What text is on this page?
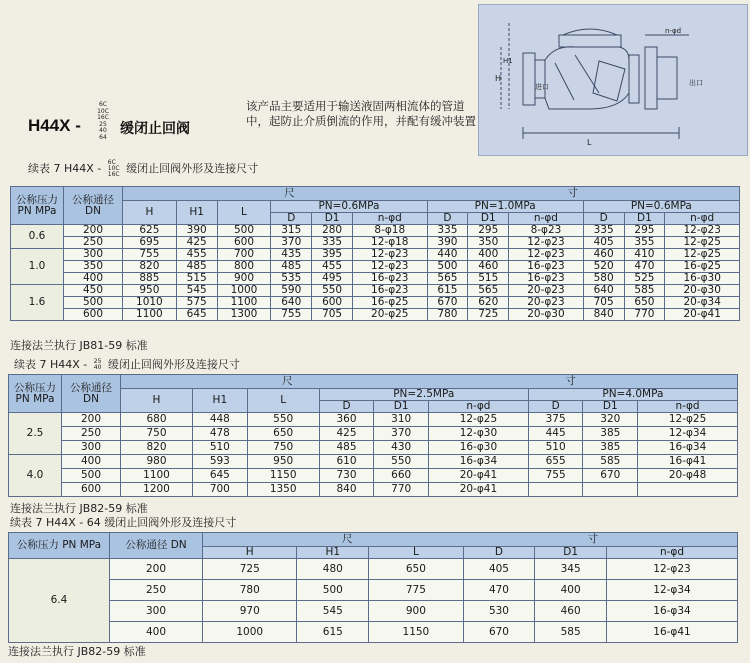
L
H
H1
进口	出口
n-φd
H44X -
6C
10C
16C
25
40
64
缓闭止回阀
该产品主要适用于输送液固两相流体的管道中，起防止介质倒流的作用，并配有缓冲装置
续表 7 H44X - 6C
10C
16C 缓闭止回阀外形及连接尺寸
公称压力 PN MPa	公称通径 DN	尺 寸											
		H	H1	L	PN=0.6MPa			PN=1.0MPa			PN=0.6MPa		
					D	D1	n-φd	D	D1	n-φd	D	D1	n-φd
0.6	200	625	390	500	315	280	8-φ18	335	295	8-φ23	335	295	12-φ23
	250	695	425	600	370	335	12-φ18	390	350	12-φ23	405	355	12-φ25
1.0	300	755	455	700	435	395	12-φ23	440	400	12-φ23	460	410	12-φ25
	350	820	485	800	485	455	12-φ23	500	460	16-φ23	520	470	16-φ25
	400	885	515	900	535	495	16-φ23	565	515	16-φ23	580	525	16-φ30
1.6	450	950	545	1000	590	550	16-φ23	615	565	20-φ23	640	585	20-φ30
	500	1010	575	1100	640	600	16-φ25	670	620	20-φ23	705	650	20-φ34
	600	1100	645	1300	755	705	20-φ25	780	725	20-φ30	840	770	20-φ41
连接法兰执行 JB81-59 标准
续表 7 H44X - 25
40 缓闭止回阀外形及连接尺寸
公称压力 PN MPa	公称通径 DN	尺 寸								
		H	H1	L	PN=2.5MPa			PN=4.0MPa		
					D	D1	n-φd	D	D1	n-φd
2.5	200	680	448	550	360	310	12-φ25	375	320	12-φ25
	250	750	478	650	425	370	12-φ30	445	385	12-φ34
	300	820	510	750	485	430	16-φ30	510	385	16-φ34
4.0	400	980	593	950	610	550	16-φ34	655	585	16-φ41
	500	1100	645	1150	730	660	20-φ41	755	670	20-φ48
	600	1200	700	1350	840	770	20-φ41			
连接法兰执行 JB82-59 标准
续表 7 H44X - 64 缓闭止回阀外形及连接尺寸
公称压力 PN MPa	公称通径 DN	尺 寸					
		H	H1	L	D	D1	n-φd
6.4	200	725	480	650	405	345	12-φ23
	250	780	500	775	470	400	12-φ34
	300	970	545	900	530	460	16-φ34
	400	1000	615	1150	670	585	16-φ41
连接法兰执行 JB82-59 标准
